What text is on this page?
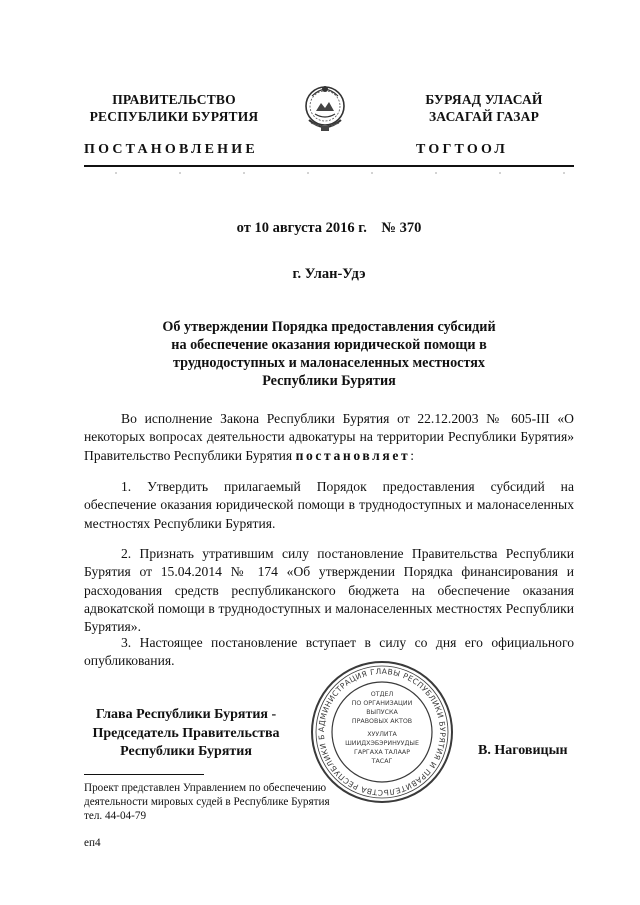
ПРАВИТЕЛЬСТВО
РЕСПУБЛИКИ БУРЯТИЯ
БУРЯАД УЛАСАЙ
ЗАСАГАЙ ГАЗАР
ПОСТАНОВЛЕНИЕ	ТОГТООЛ
от 10 августа 2016 г.    № 370
г. Улан-Удэ
Об утверждении Порядка предоставления субсидий
на обеспечение оказания юридической помощи в
труднодоступных и малонаселенных местностях
Республики Бурятия
Во исполнение Закона Республики Бурятия от 22.12.2003 № 605-III «О некоторых вопросах деятельности адвокатуры на территории Республики Бурятия» Правительство Республики Бурятия постановляет:
1. Утвердить прилагаемый Порядок предоставления субсидий на обеспечение оказания юридической помощи в труднодоступных и малонаселенных местностях Республики Бурятия.
2. Признать утратившим силу постановление Правительства Республики Бурятия от 15.04.2014 № 174 «Об утверждении Порядка финансирования и расходования средств республиканского бюджета на обеспечение оказания адвокатской помощи в труднодоступных и малонаселенных местностях Республики Бурятия».
3. Настоящее постановление вступает в силу со дня его официального опубликования.
АДМИНИСТРАЦИЯ ГЛАВЫ РЕСПУБЛИКИ БУРЯТИЯ И ПРАВИТЕЛЬСТВА РЕСПУБЛИКИ Б
ОТДЕЛ
ПО ОРГАНИЗАЦИИ
ВЫПУСКА
ПРАВОВЫХ АКТОВ
ХУУЛИТА
ШИИДХЭБЭРИНУУДЫЕ
ГАРГАХА ТАЛААР
ТАСАГ
Глава Республики Бурятия -
Председатель Правительства
Республики Бурятия	В. Наговицын
Проект представлен Управлением по обеспечению
деятельности мировых судей в Республике Бурятия
тел. 44-04-79
еп4
